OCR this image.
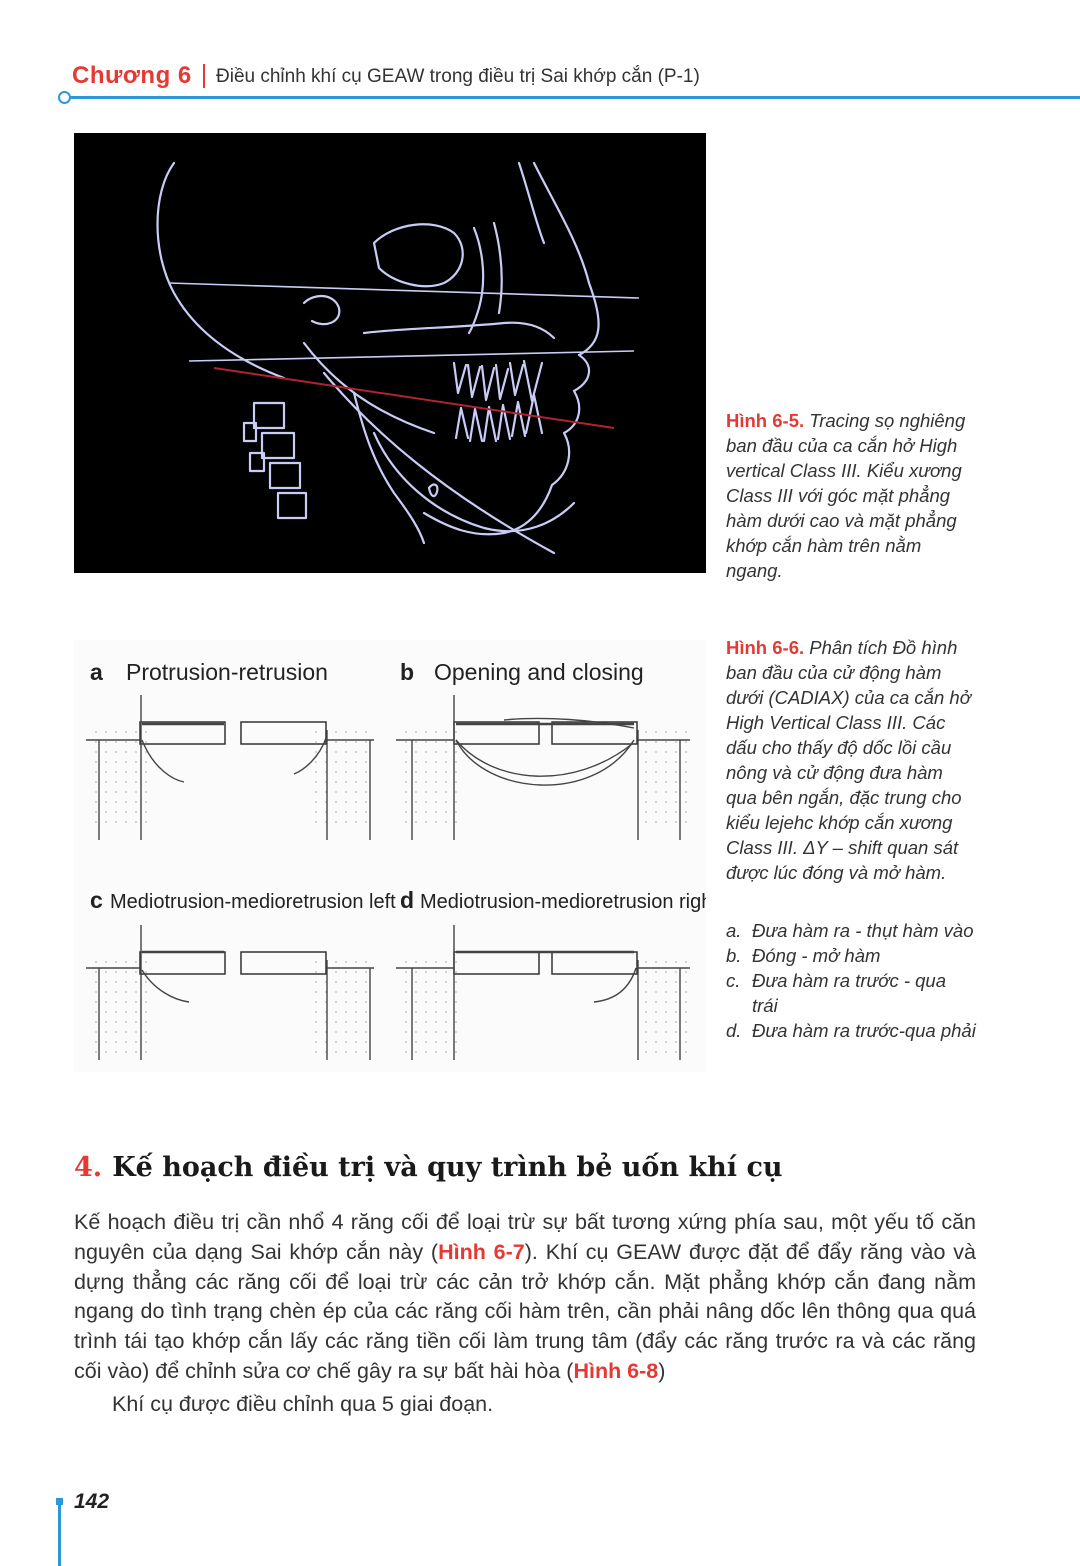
Chương 6 Điều chỉnh khí cụ GEAW trong điều trị Sai khớp cắn (P-1)
Hình 6-5. Tracing sọ nghiêng ban đầu của ca cắn hở High vertical Class III. Kiểu xương Class III với góc mặt phẳng hàm dưới cao và mặt phẳng khớp cắn hàm trên nằm ngang.
a Protrusion-retrusion	b Opening and closing
c Mediotrusion-medioretrusion left d Mediotrusion-medioretrusion right
Hình 6-6. Phân tích Đồ hình ban đầu của cử động hàm dưới (CADIAX) của ca cắn hở High Vertical Class III. Các dấu cho thấy độ dốc lồi cầu nông và cử động đưa hàm qua bên ngắn, đặc trung cho kiểu lejehc khớp cắn xương Class III. ΔY – shift quan sát được lúc đóng và mở hàm.
a. Đưa hàm ra - thụt hàm vào
b. Đóng - mở hàm
c. Đưa hàm ra trước - qua trái
d. Đưa hàm ra trước-qua phải
4. Kế hoạch điều trị và quy trình bẻ uốn khí cụ
Kế hoạch điều trị cần nhổ 4 răng cối để loại trừ sự bất tương xứng phía sau, một yếu tố căn nguyên của dạng Sai khớp cắn này (Hình 6-7). Khí cụ GEAW được đặt để đẩy răng vào và dựng thẳng các răng cối để loại trừ các cản trở khớp cắn. Mặt phẳng khớp cắn đang nằm ngang do tình trạng chèn ép của các răng cối hàm trên, cần phải nâng dốc lên thông qua quá trình tái tạo khớp cắn lấy các răng tiền cối làm trung tâm (đẩy các răng trước ra và các răng cối vào) để chỉnh sửa cơ chế gây ra sự bất hài hòa (Hình 6-8)
Khí cụ được điều chỉnh qua 5 giai đoạn.
142
